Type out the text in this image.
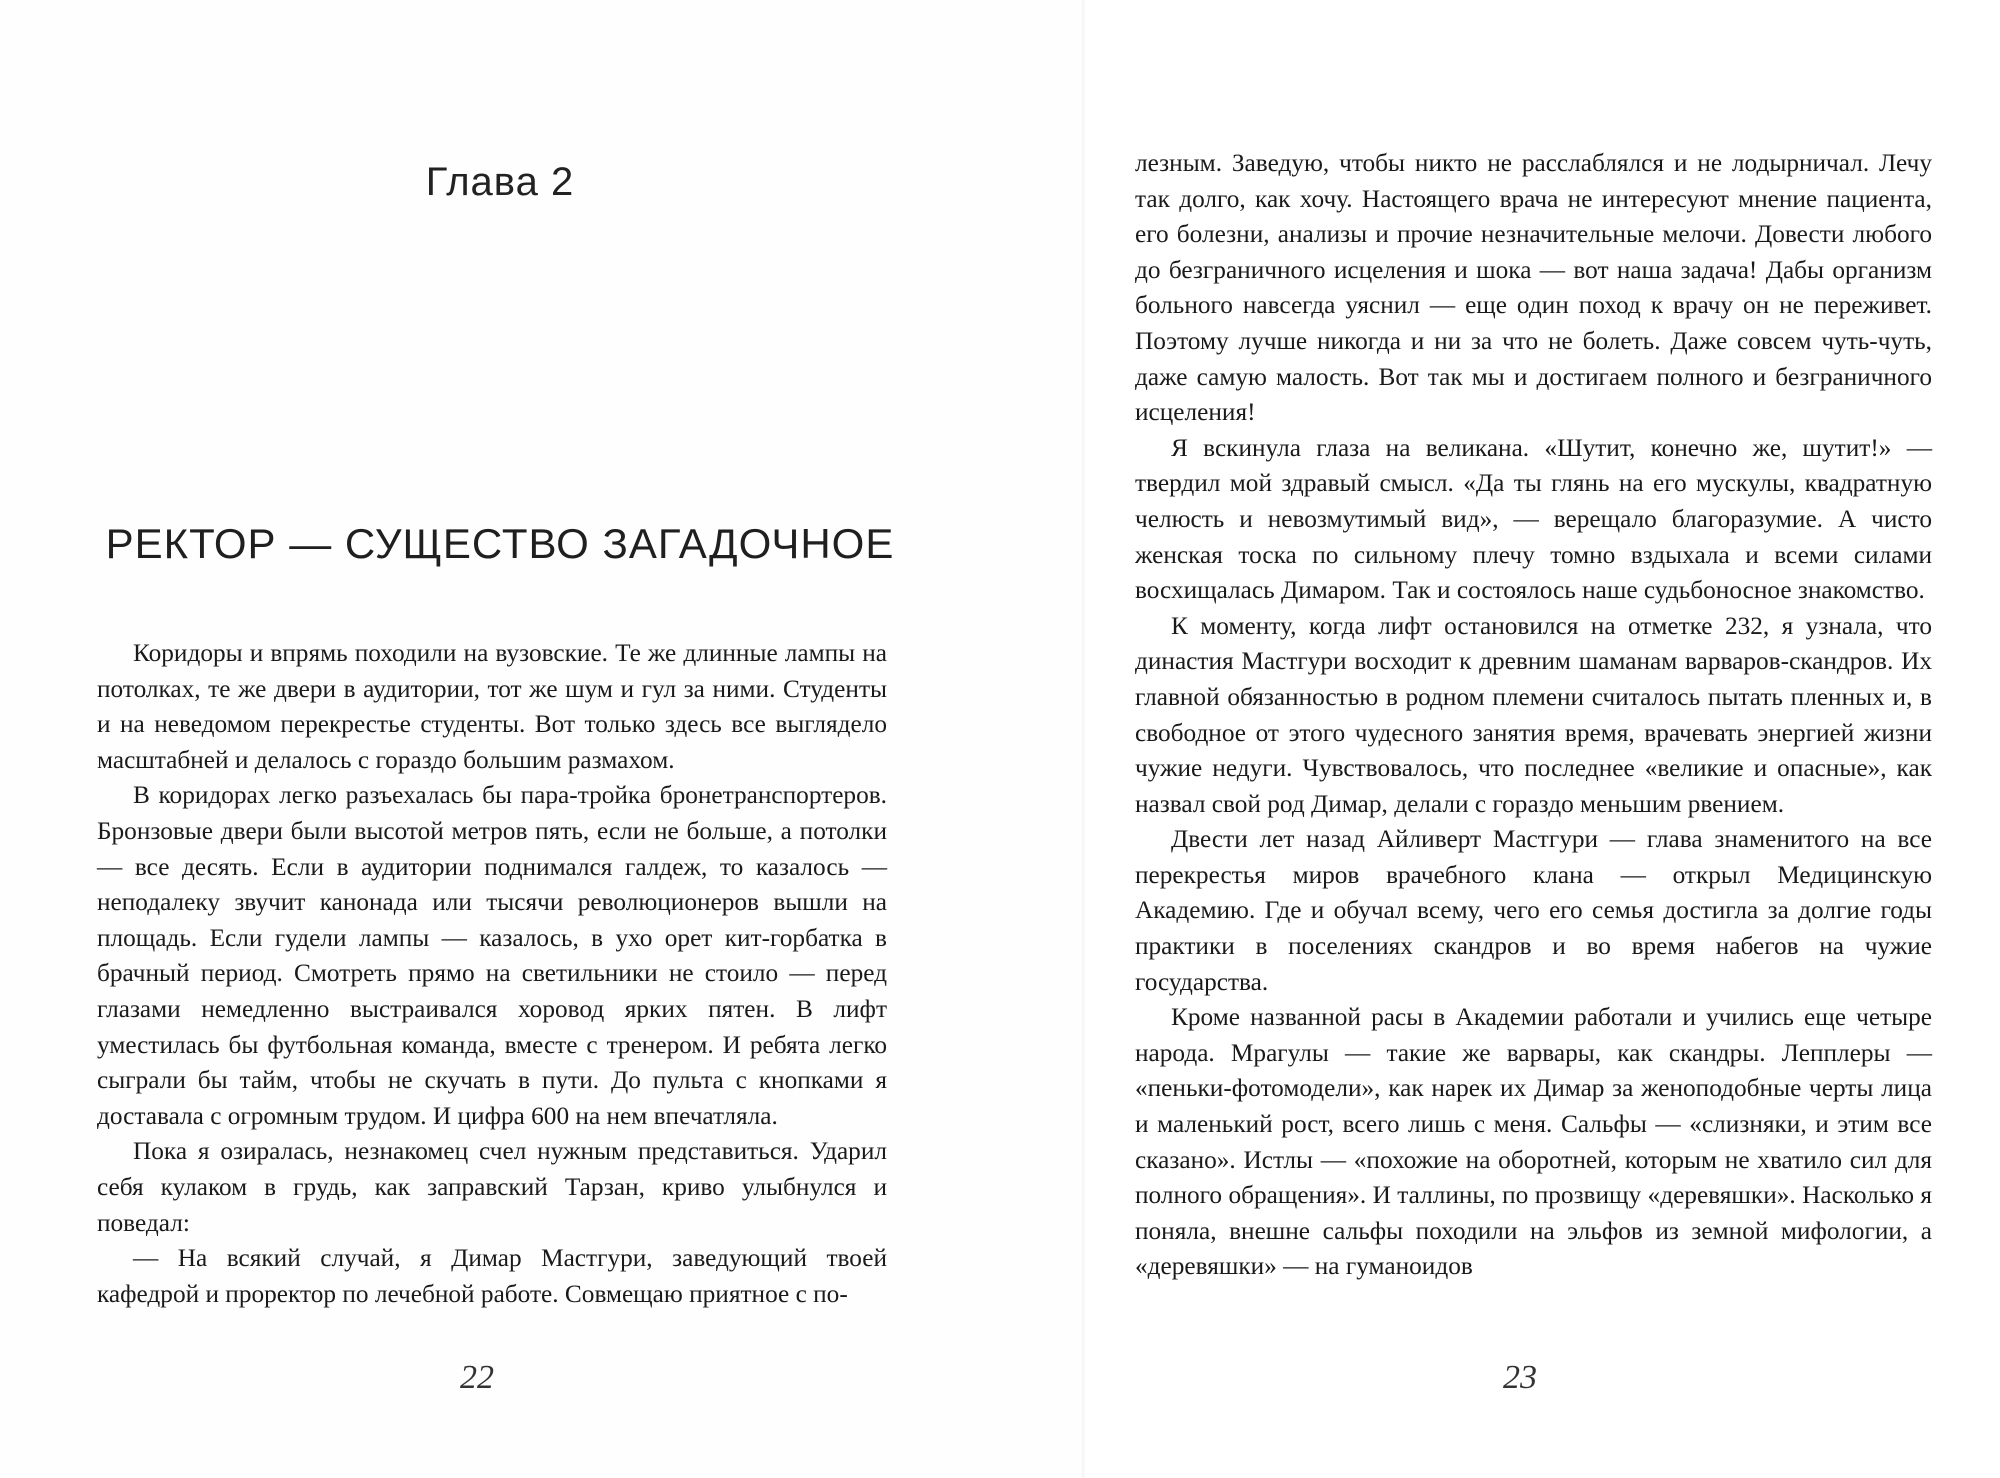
Глава 2
РЕКТОР — СУЩЕСТВО ЗАГАДОЧНОЕ

Коридоры и впрямь походили на вузовские. Те же длинные лампы на потолках, те же двери в аудитории, тот же шум и гул за ними. Студенты и на неведомом перекрестье студенты. Вот только здесь все выглядело масштабней и делалось с гораздо большим размахом.

В коридорах легко разъехалась бы пара-тройка бронетранспортеров. Бронзовые двери были высотой метров пять, если не больше, а потолки — все десять. Если в аудитории поднимался галдеж, то казалось — неподалеку звучит канонада или тысячи революционеров вышли на площадь. Если гудели лампы — казалось, в ухо орет кит-горбатка в брачный период. Смотреть прямо на светильники не стоило — перед глазами немедленно выстраивался хоровод ярких пятен. В лифт уместилась бы футбольная команда, вместе с тренером. И ребята легко сыграли бы тайм, чтобы не скучать в пути. До пульта с кнопками я доставала с огромным трудом. И цифра 600 на нем впечатляла.

Пока я озиралась, незнакомец счел нужным представиться. Ударил себя кулаком в грудь, как заправский Тарзан, криво улыбнулся и поведал:

— На всякий случай, я Димар Мастгури, заведующий твоей кафедрой и проректор по лечебной работе. Совмещаю приятное с по-

22

лезным. Заведую, чтобы никто не расслаблялся и не лодырничал. Лечу так долго, как хочу. Настоящего врача не интересуют мнение пациента, его болезни, анализы и прочие незначительные мелочи. Довести любого до безграничного исцеления и шока — вот наша задача! Дабы организм больного навсегда уяснил — еще один поход к врачу он не переживет. Поэтому лучше никогда и ни за что не болеть. Даже совсем чуть-чуть, даже самую малость. Вот так мы и достигаем полного и безграничного исцеления!

Я вскинула глаза на великана. «Шутит, конечно же, шутит!» — твердил мой здравый смысл. «Да ты глянь на его мускулы, квадратную челюсть и невозмутимый вид», — верещало благоразумие. А чисто женская тоска по сильному плечу томно вздыхала и всеми силами восхищалась Димаром. Так и состоялось наше судьбоносное знакомство.

К моменту, когда лифт остановился на отметке 232, я узнала, что династия Мастгури восходит к древним шаманам варваров-скандров. Их главной обязанностью в родном племени считалось пытать пленных и, в свободное от этого чудесного занятия время, врачевать энергией жизни чужие недуги. Чувствовалось, что последнее «великие и опасные», как назвал свой род Димар, делали с гораздо меньшим рвением.

Двести лет назад Айливерт Мастгури — глава знаменитого на все перекрестья миров врачебного клана — открыл Медицинскую Академию. Где и обучал всему, чего его семья достигла за долгие годы практики в поселениях скандров и во время набегов на чужие государства.

Кроме названной расы в Академии работали и учились еще четыре народа. Мрагулы — такие же варвары, как скандры. Лепплеры — «пеньки-фотомодели», как нарек их Димар за женоподобные черты лица и маленький рост, всего лишь с меня. Сальфы — «слизняки, и этим все сказано». Истлы — «похожие на оборотней, которым не хватило сил для полного обращения». И таллины, по прозвищу «деревяшки». Насколько я поняла, внешне сальфы походили на эльфов из земной мифологии, а «деревяшки» — на гуманоидов

23
